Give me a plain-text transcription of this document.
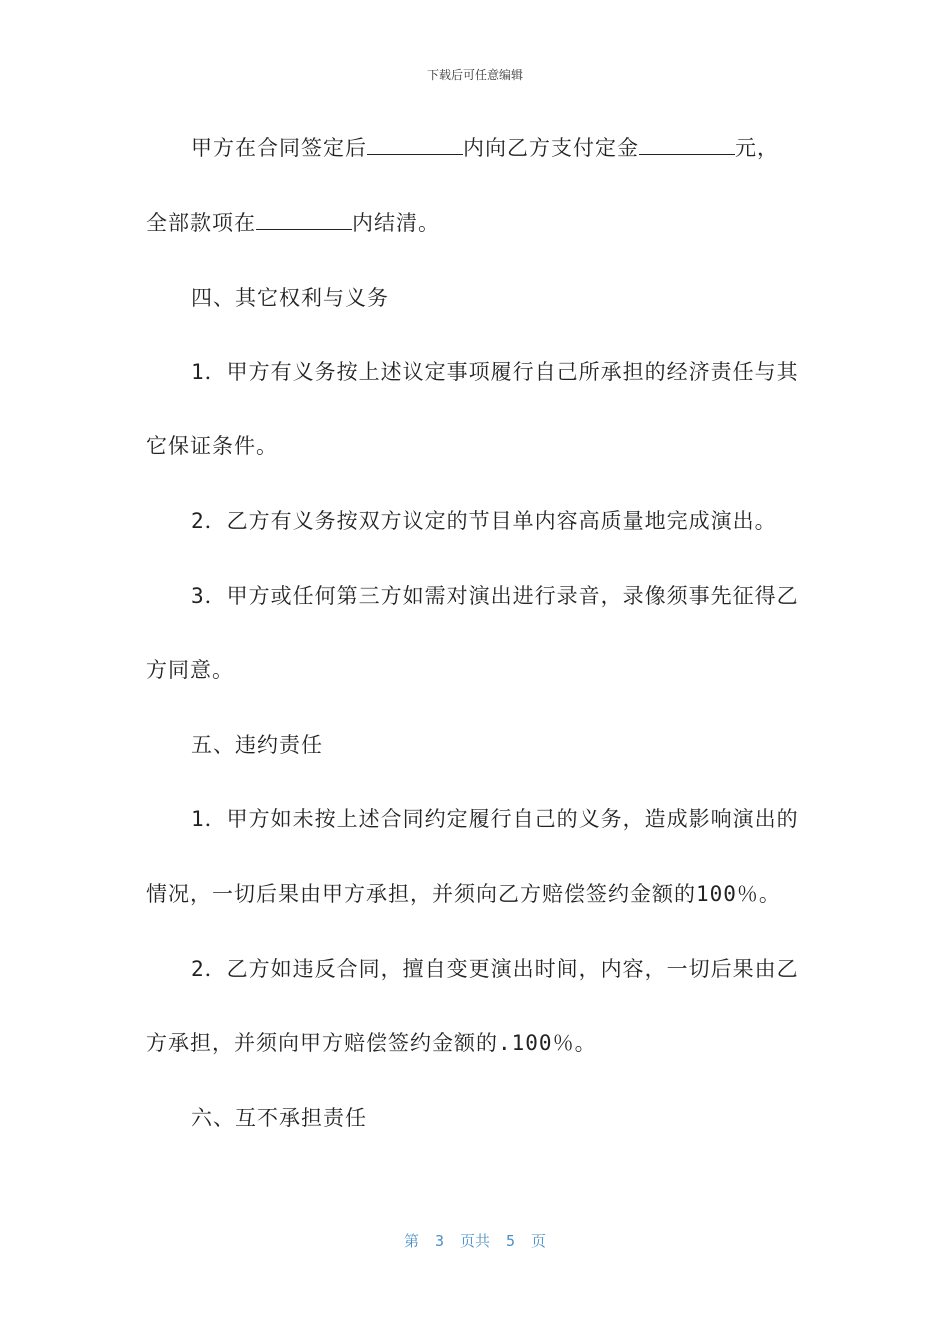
下载后可任意编辑
甲方在合同签定后	内向乙方支付定金	元，
全部款项在	内结清。
四、其它权利与义务
1．甲方有义务按上述议定事项履行自己所承担的经济责任与其
它保证条件。
2．乙方有义务按双方议定的节目单内容高质量地完成演出。
3．甲方或任何第三方如需对演出进行录音，录像须事先征得乙
方同意。
五、违约责任
1．甲方如未按上述合同约定履行自己的义务，造成影响演出的
情况，一切后果由甲方承担，并须向乙方赔偿签约金额的100％。
2．乙方如违反合同，擅自变更演出时间，内容，一切后果由乙
方承担，并须向甲方赔偿签约金额的.100％。
六、互不承担责任
第 3 页共 5 页
